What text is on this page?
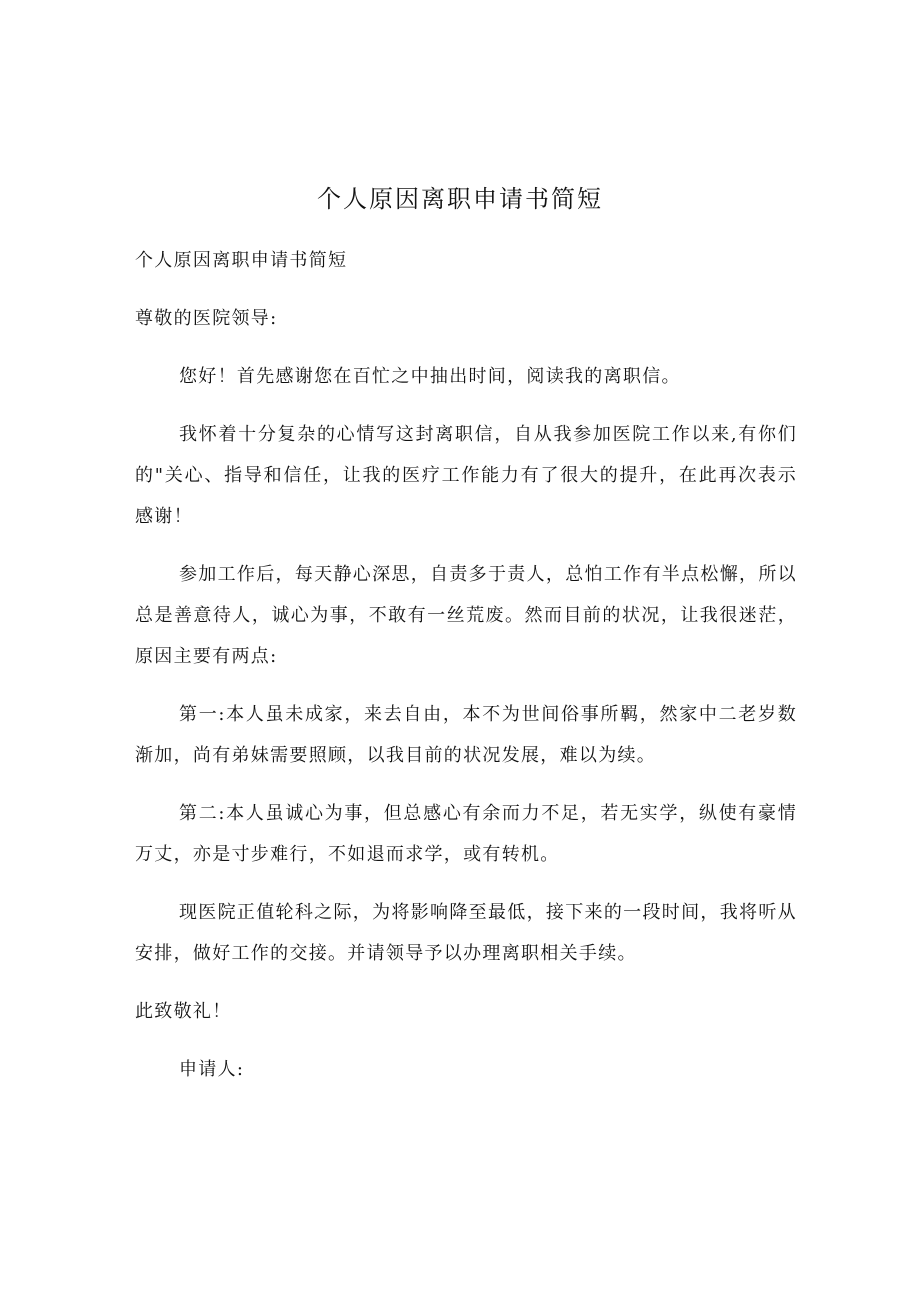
个人原因离职申请书简短

个人原因离职申请书简短

尊敬的医院领导:

您好！首先感谢您在百忙之中抽出时间，阅读我的离职信。

我怀着十分复杂的心情写这封离职信，自从我参加医院工作以来,有你们的"关心、指导和信任，让我的医疗工作能力有了很大的提升，在此再次表示感谢！

参加工作后，每天静心深思，自责多于责人，总怕工作有半点松懈，所以总是善意待人，诚心为事，不敢有一丝荒废。然而目前的状况，让我很迷茫，原因主要有两点:

第一:本人虽未成家，来去自由，本不为世间俗事所羁，然家中二老岁数渐加，尚有弟妹需要照顾，以我目前的状况发展，难以为续。

第二:本人虽诚心为事，但总感心有余而力不足，若无实学，纵使有豪情万丈，亦是寸步难行，不如退而求学，或有转机。

现医院正值轮科之际，为将影响降至最低，接下来的一段时间，我将听从安排，做好工作的交接。并请领导予以办理离职相关手续。

此致敬礼！

申请人:
